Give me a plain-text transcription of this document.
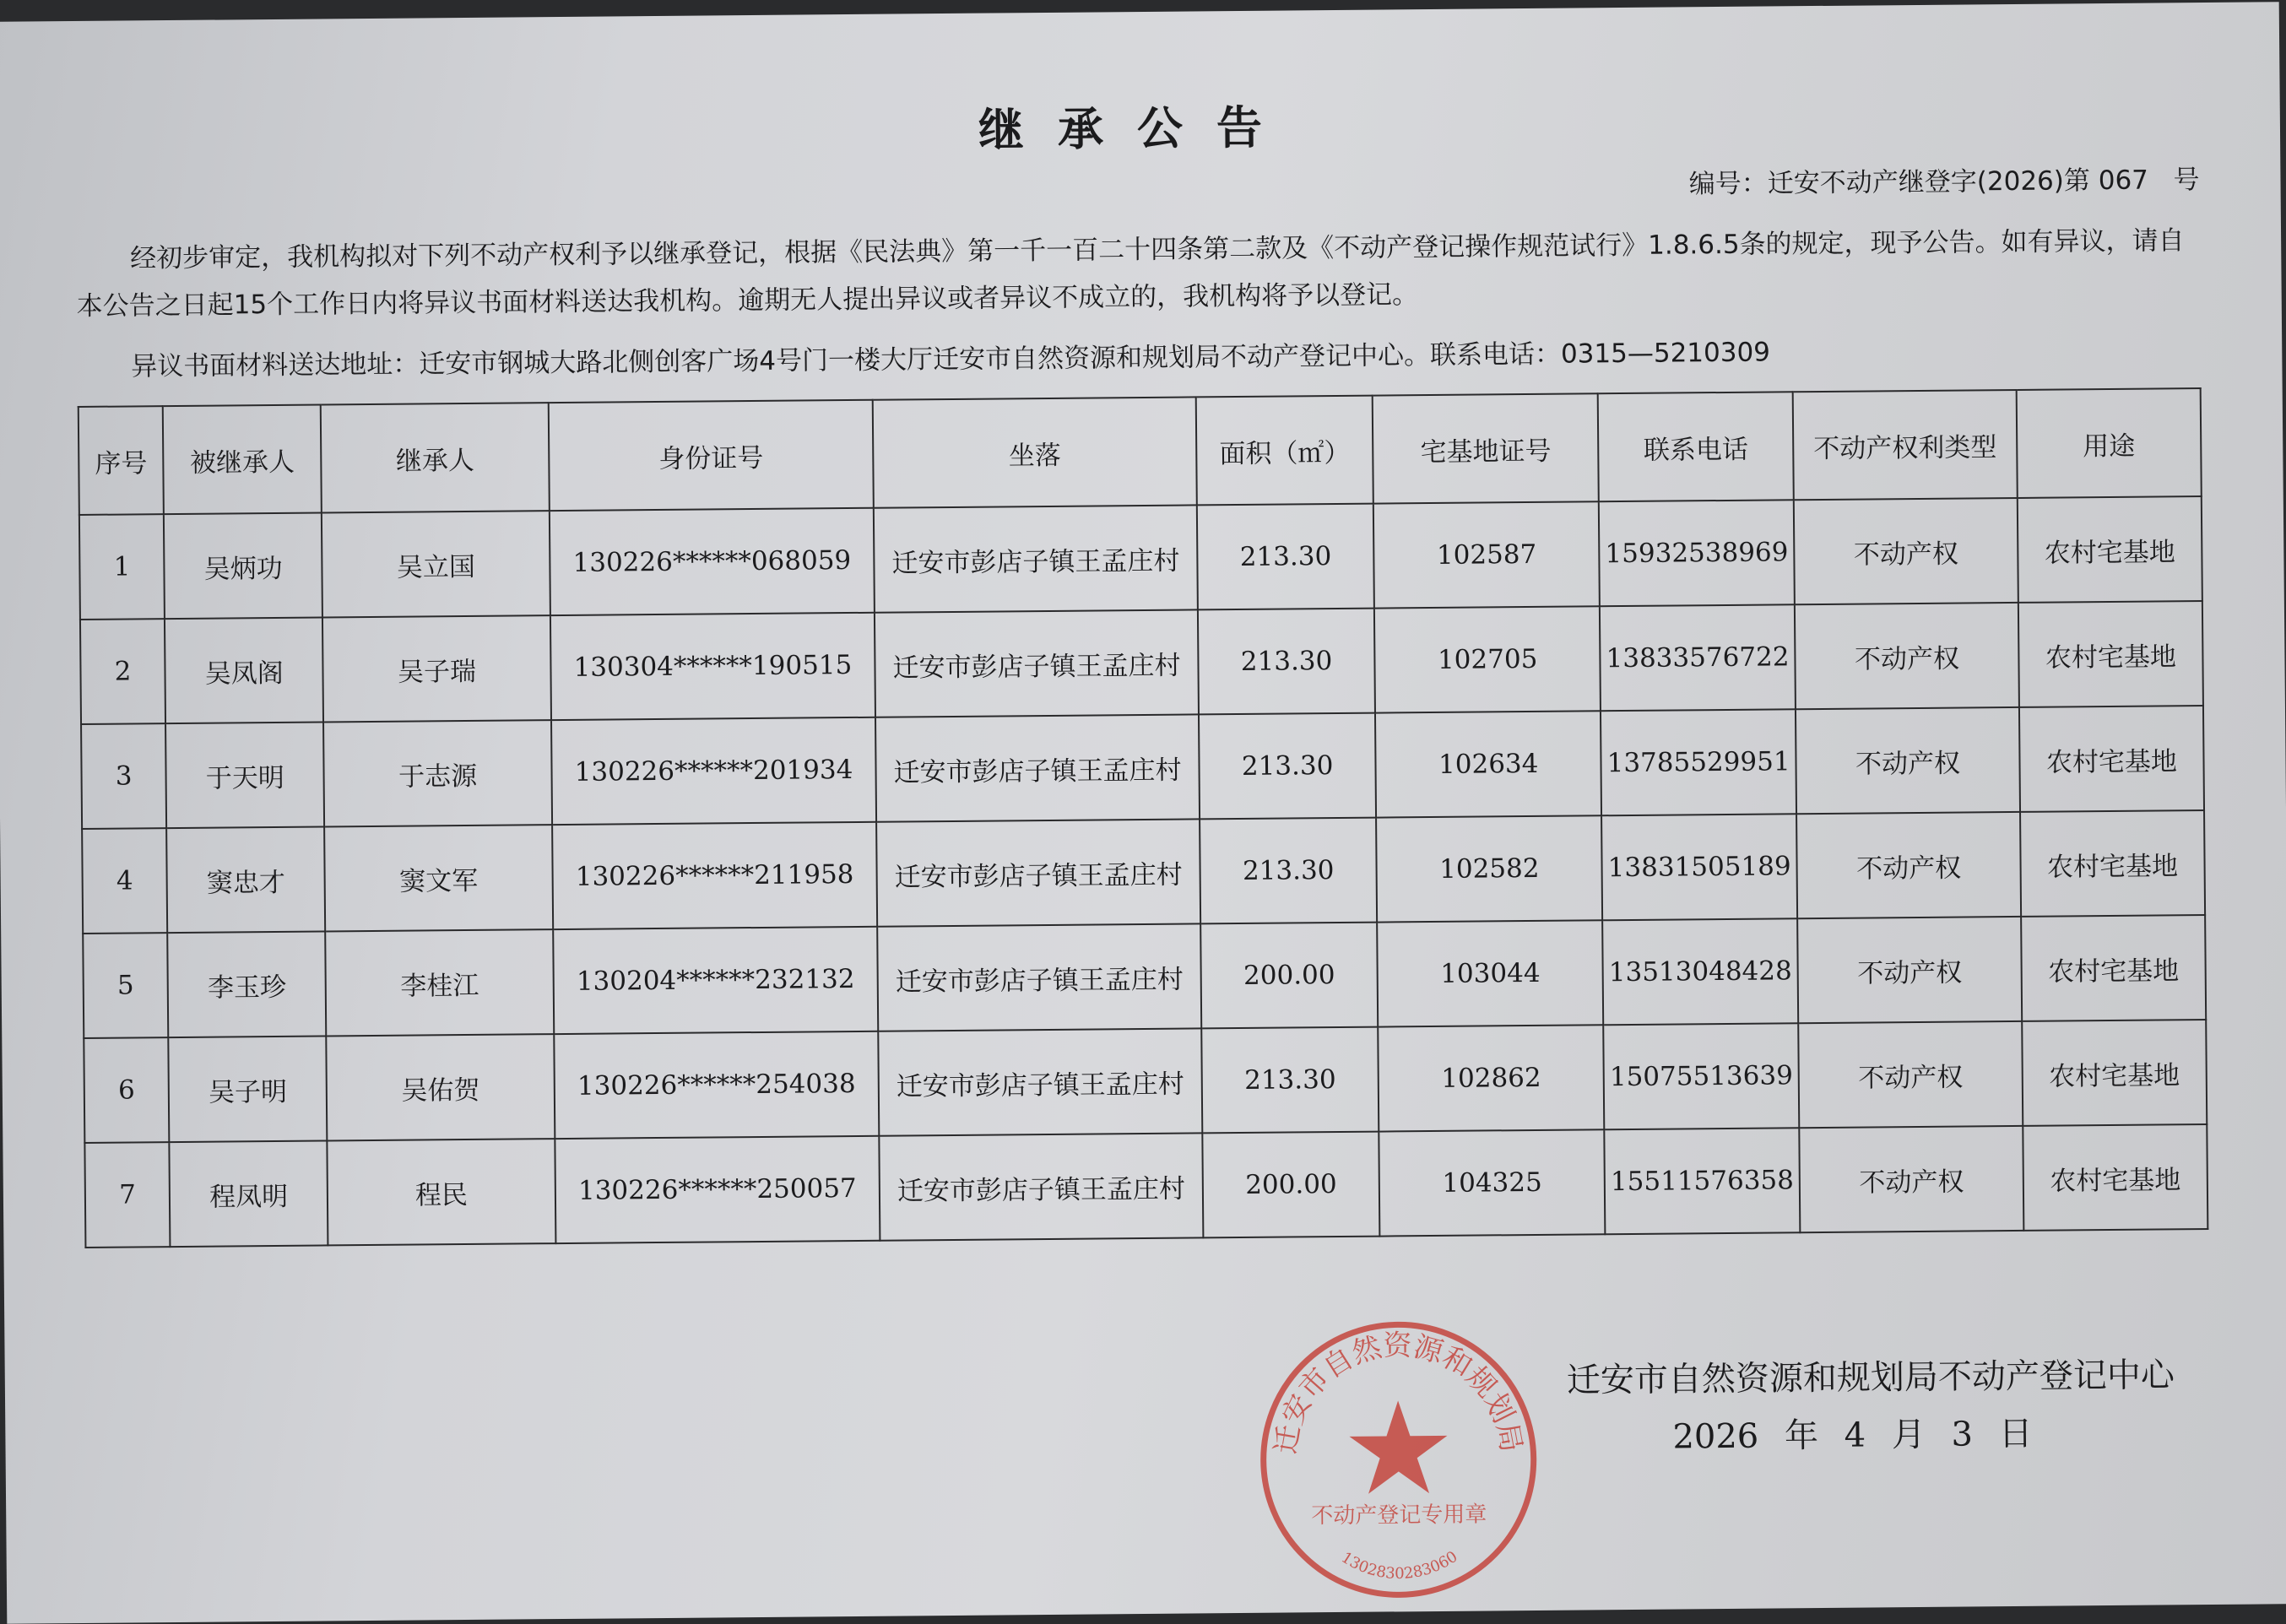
继承公告
编号：迁安不动产继登字(2026)第 067 号
经初步审定，我机构拟对下列不动产权利予以继承登记，根据《民法典》第一千一百二十四条第二款及《不动产登记操作规范试行》1.8.6.5条的规定，现予公告。如有异议，请自本公告之日起15个工作日内将异议书面材料送达我机构。逾期无人提出异议或者异议不成立的，我机构将予以登记。
异议书面材料送达地址：迁安市钢城大路北侧创客广场4号门一楼大厅迁安市自然资源和规划局不动产登记中心。联系电话：0315—5210309
序号	被继承人	继承人	身份证号	坐落	面积（㎡）	宅基地证号	联系电话	不动产权利类型	用途
1	吴炳功	吴立国	130226******068059	迁安市彭店子镇王孟庄村	213.30	102587	15932538969	不动产权	农村宅基地
2	吴凤阁	吴子瑞	130304******190515	迁安市彭店子镇王孟庄村	213.30	102705	13833576722	不动产权	农村宅基地
3	于天明	于志源	130226******201934	迁安市彭店子镇王孟庄村	213.30	102634	13785529951	不动产权	农村宅基地
4	窦忠才	窦文军	130226******211958	迁安市彭店子镇王孟庄村	213.30	102582	13831505189	不动产权	农村宅基地
5	李玉珍	李桂江	130204******232132	迁安市彭店子镇王孟庄村	200.00	103044	13513048428	不动产权	农村宅基地
6	吴子明	吴佑贺	130226******254038	迁安市彭店子镇王孟庄村	213.30	102862	15075513639	不动产权	农村宅基地
7	程凤明	程民	130226******250057	迁安市彭店子镇王孟庄村	200.00	104325	15511576358	不动产权	农村宅基地
迁安市自然资源和规划局
不动产登记专用章
1302830283060
迁安市自然资源和规划局不动产登记中心
2026 年 4 月 3 日
